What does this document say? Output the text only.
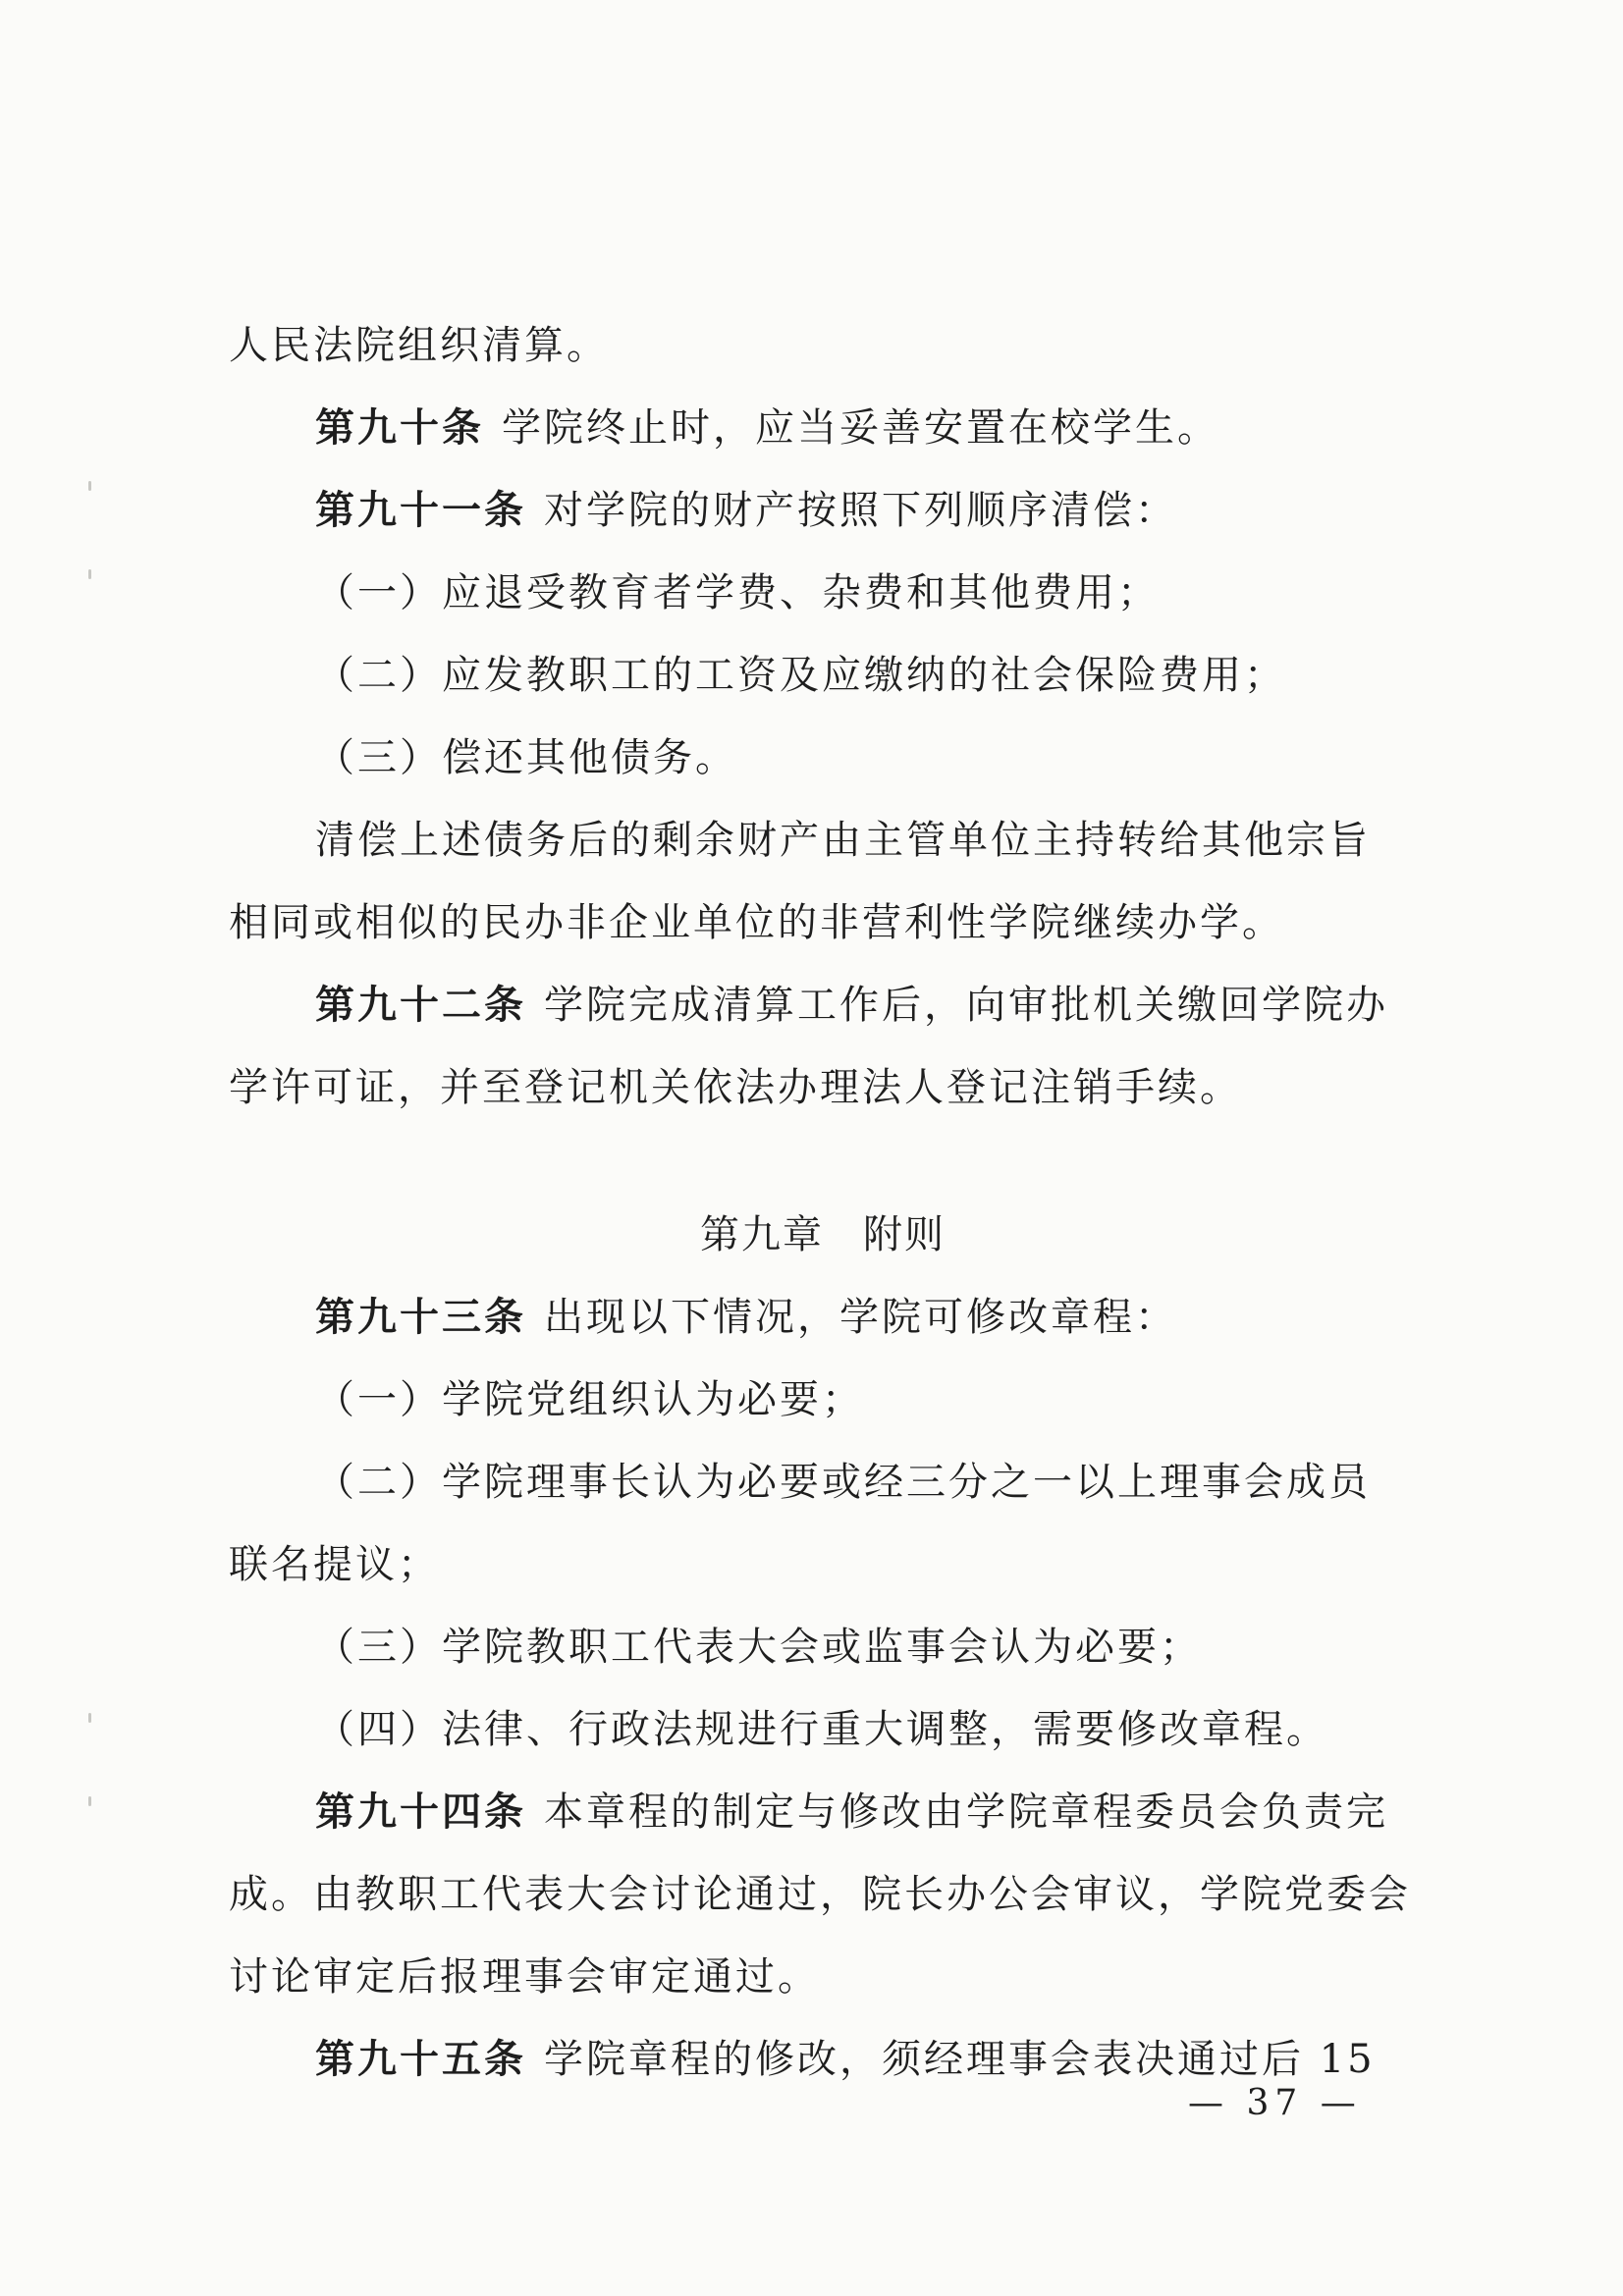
人民法院组织清算。
第九十条 学院终止时，应当妥善安置在校学生。
第九十一条 对学院的财产按照下列顺序清偿：
（一）应退受教育者学费、杂费和其他费用；
（二）应发教职工的工资及应缴纳的社会保险费用；
（三）偿还其他债务。
清偿上述债务后的剩余财产由主管单位主持转给其他宗旨
相同或相似的民办非企业单位的非营利性学院继续办学。
第九十二条 学院完成清算工作后，向审批机关缴回学院办
学许可证，并至登记机关依法办理法人登记注销手续。
第九章 附则
第九十三条 出现以下情况，学院可修改章程：
（一）学院党组织认为必要；
（二）学院理事长认为必要或经三分之一以上理事会成员
联名提议；
（三）学院教职工代表大会或监事会认为必要；
（四）法律、行政法规进行重大调整，需要修改章程。
第九十四条 本章程的制定与修改由学院章程委员会负责完
成。由教职工代表大会讨论通过，院长办公会审议，学院党委会
讨论审定后报理事会审定通过。
第九十五条 学院章程的修改，须经理事会表决通过后 15
— 37 —
